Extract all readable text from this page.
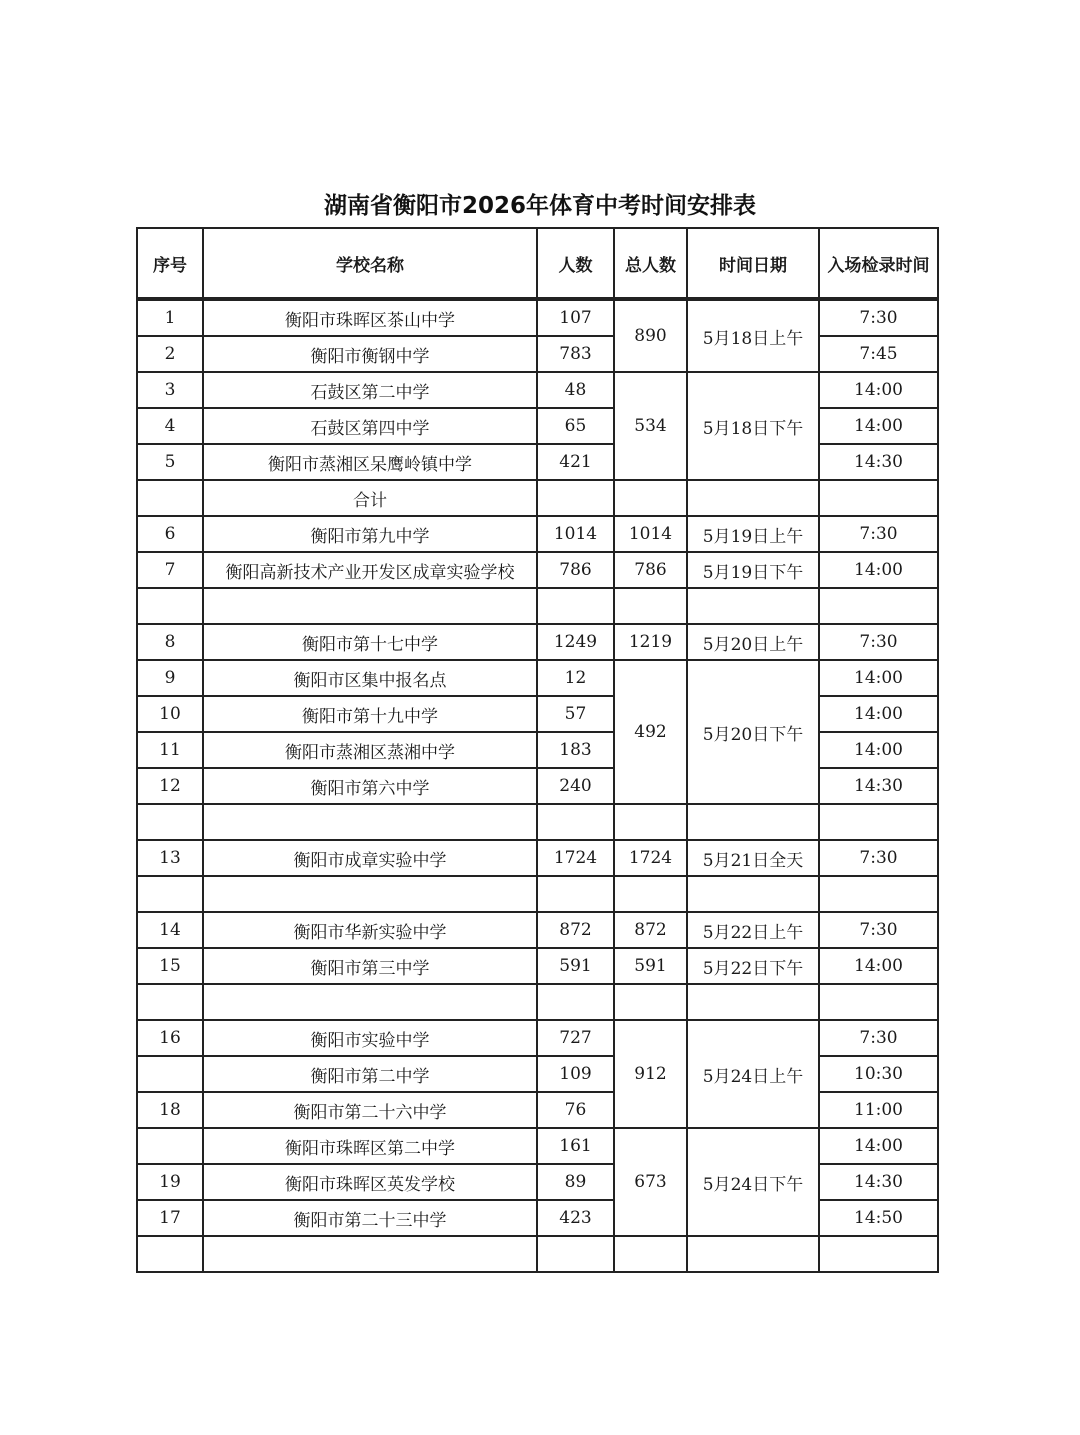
湖南省衡阳市2026年体育中考时间安排表
序号	学校名称	人数	总人数	时间日期	入场检录时间
1	衡阳市珠晖区茶山中学	107	890	5月18日上午	7:30
2	衡阳市衡钢中学	783			7:45
3	石鼓区第二中学	48	534	5月18日下午	14:00
4	石鼓区第四中学	65			14:00
5	衡阳市蒸湘区呆鹰岭镇中学	421			14:30
	合计				
6	衡阳市第九中学	1014	1014	5月19日上午	7:30
7	衡阳高新技术产业开发区成章实验学校	786	786	5月19日下午	14:00

8	衡阳市第十七中学	1249	1219	5月20日上午	7:30
9	衡阳市区集中报名点	12	492	5月20日下午	14:00
10	衡阳市第十九中学	57			14:00
11	衡阳市蒸湘区蒸湘中学	183			14:00
12	衡阳市第六中学	240			14:30

13	衡阳市成章实验中学	1724	1724	5月21日全天	7:30

14	衡阳市华新实验中学	872	872	5月22日上午	7:30
15	衡阳市第三中学	591	591	5月22日下午	14:00

16	衡阳市实验中学	727	912	5月24日上午	7:30
	衡阳市第二中学	109			10:30
18	衡阳市第二十六中学	76			11:00
	衡阳市珠晖区第二中学	161	673	5月24日下午	14:00
19	衡阳市珠晖区英发学校	89			14:30
17	衡阳市第二十三中学	423			14:50
